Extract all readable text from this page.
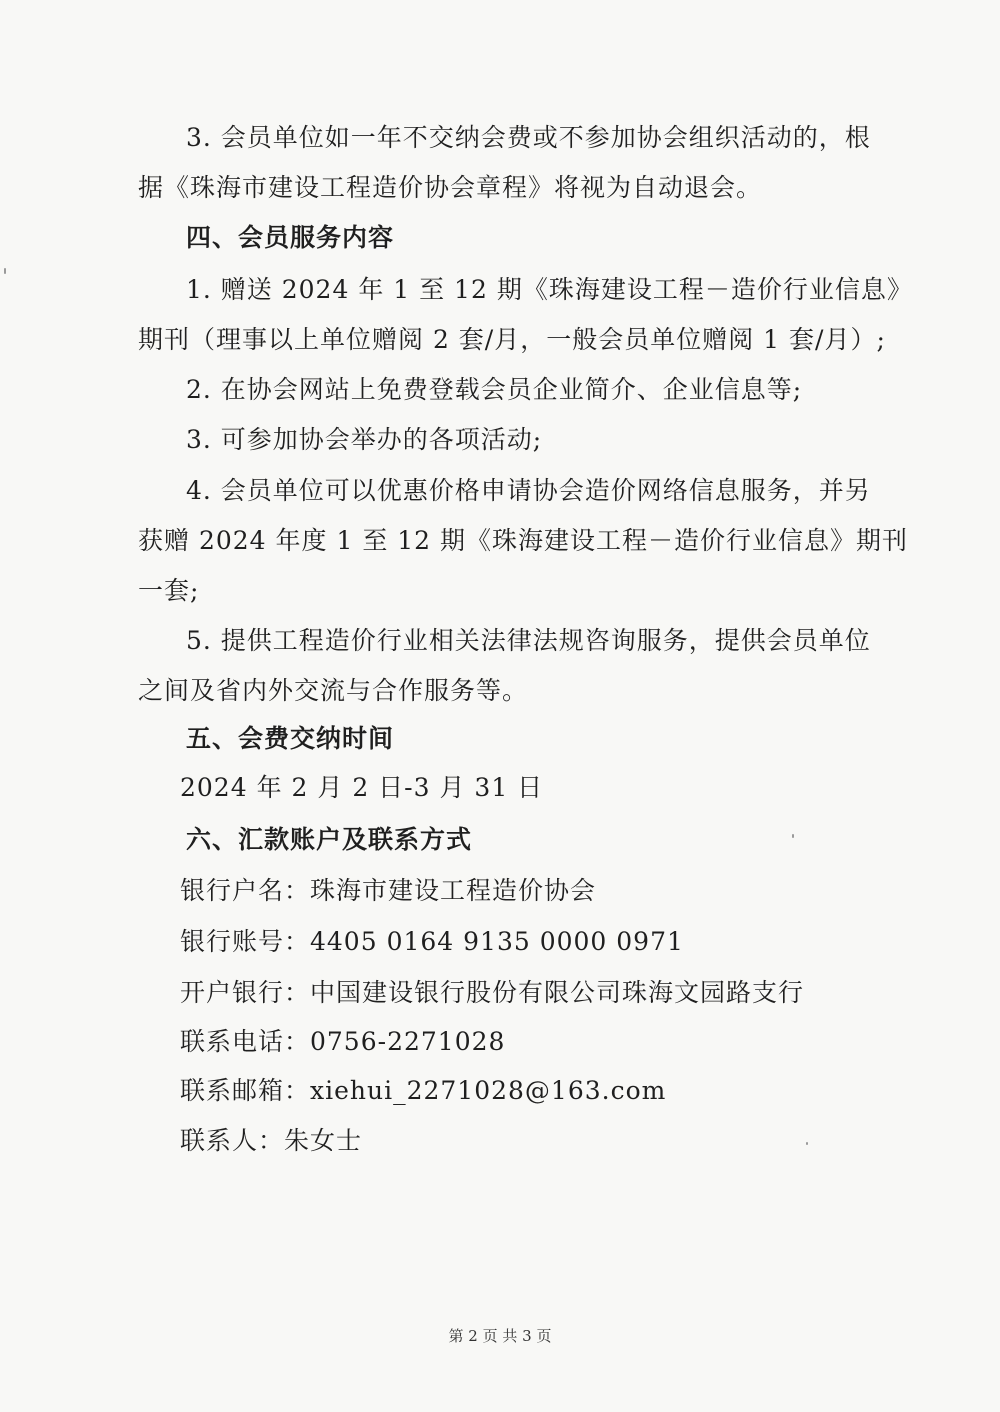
3. 会员单位如一年不交纳会费或不参加协会组织活动的，根
据《珠海市建设工程造价协会章程》将视为自动退会。
四、会员服务内容
1. 赠送 2024 年 1 至 12 期《珠海建设工程－造价行业信息》
期刊（理事以上单位赠阅 2 套/月，一般会员单位赠阅 1 套/月）;
2. 在协会网站上免费登载会员企业简介、企业信息等;
3. 可参加协会举办的各项活动;
4. 会员单位可以优惠价格申请协会造价网络信息服务，并另
获赠 2024 年度 1 至 12 期《珠海建设工程－造价行业信息》期刊
一套;
5. 提供工程造价行业相关法律法规咨询服务，提供会员单位
之间及省内外交流与合作服务等。
五、会费交纳时间
2024 年 2 月 2 日-3 月 31 日
六、汇款账户及联系方式
银行户名：珠海市建设工程造价协会
银行账号：4405 0164 9135 0000 0971
开户银行：中国建设银行股份有限公司珠海文园路支行
联系电话：0756-2271028
联系邮箱：xiehui_2271028@163.com
联系人：朱女士
第 2 页 共 3 页
